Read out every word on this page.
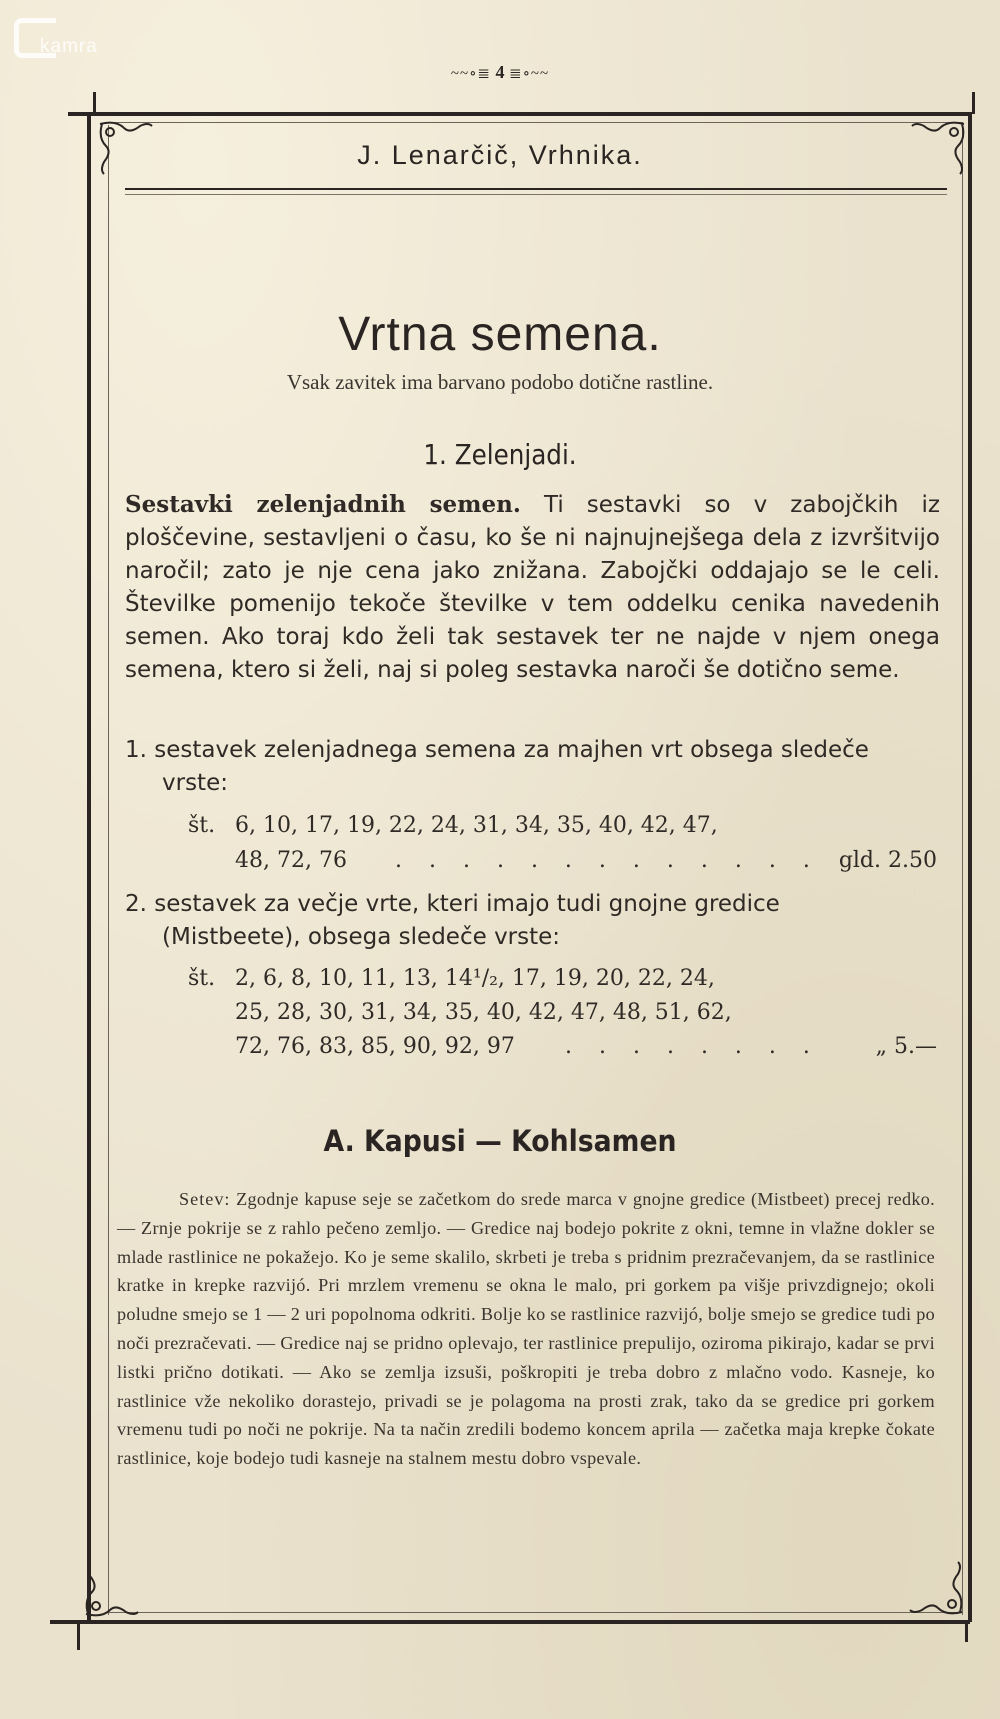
kamra
~~∘≣ 4 ≣∘~~
J. Lenarčič, Vrhnika.
Vrtna semena.
Vsak zavitek ima barvano podobo dotične rastline.
1. Zelenjadi.
Sestavki zelenjadnih semen. Ti sestavki so v zabojčkih iz ploščevine, sestavljeni o času, ko še ni najnujnejšega dela z izvršitvijo naročil; zato je nje cena jako znižana. Zabojčki oddajajo se le celi. Številke pomenijo tekoče številke v tem oddelku cenika navedenih semen. Ako toraj kdo želi tak sestavek ter ne najde v njem onega semena, ktero si želi, naj si poleg sestavka naroči še dotično seme.
1. sestavek zelenjadnega semena za majhen vrt obsega sledeče vrste:
št. 6, 10, 17, 19, 22, 24, 31, 34, 35, 40, 42, 47,
48, 72, 76 . . . . . . . . . . . . . gld. 2.50
2. sestavek za večje vrte, kteri imajo tudi gnojne gredice (Mistbeete), obsega sledeče vrste:
št. 2, 6, 8, 10, 11, 13, 14¹/₂, 17, 19, 20, 22, 24,
25, 28, 30, 31, 34, 35, 40, 42, 47, 48, 51, 62,
72, 76, 83, 85, 90, 92, 97 . . . . . . . .	„ 5.—
A. Kapusi — Kohlsamen
Setev: Zgodnje kapuse seje se začetkom do srede marca v gnojne gredice (Mistbeet) precej redko. — Zrnje pokrije se z rahlo pečeno zemljo. — Gredice naj bodejo pokrite z okni, temne in vlažne dokler se mlade rastlinice ne pokažejo. Ko je seme skalilo, skrbeti je treba s pridnim prezračevanjem, da se rastlinice kratke in krepke razvijó. Pri mrzlem vremenu se okna le malo, pri gorkem pa višje privzdignejo; okoli poludne smejo se 1 — 2 uri popolnoma odkriti. Bolje ko se rastlinice razvijó, bolje smejo se gredice tudi po noči prezračevati. — Gredice naj se pridno oplevajo, ter rastlinice prepulijo, oziroma pikirajo, kadar se prvi listki prično dotikati. — Ako se zemlja izsuši, poškropiti je treba dobro z mlačno vodo. Kasneje, ko rastlinice vže nekoliko dorastejo, privadi se je polagoma na prosti zrak, tako da se gredice pri gorkem vremenu tudi po noči ne pokrije. Na ta način zredili bodemo koncem aprila — začetka maja krepke čokate rastlinice, koje bodejo tudi kasneje na stalnem mestu dobro vspevale.
